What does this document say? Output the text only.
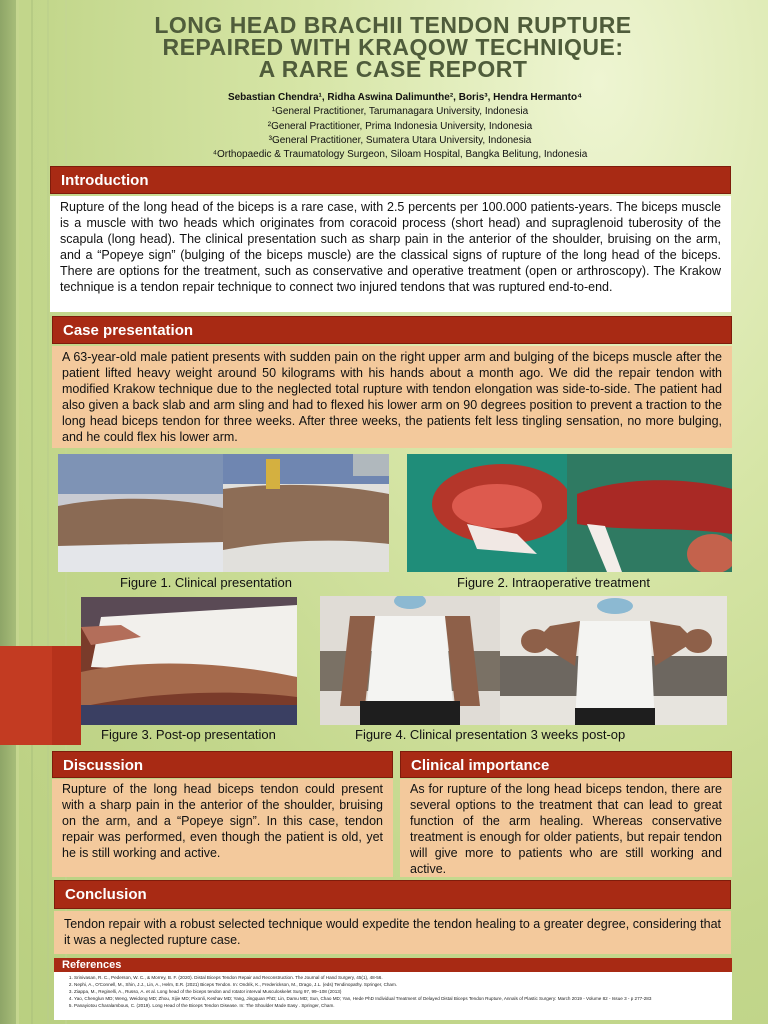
LONG HEAD BRACHII TENDON RUPTURE
REPAIRED WITH KRAQOW TECHNIQUE:
A RARE CASE REPORT
Sebastian Chendra¹, Ridha Aswina Dalimunthe², Boris³, Hendra Hermanto⁴
¹General Practitioner, Tarumanagara University, Indonesia
²General Practitioner, Prima Indonesia University, Indonesia
³General Practitioner, Sumatera Utara University, Indonesia
⁴Orthopaedic & Traumatology Surgeon, Siloam Hospital, Bangka Belitung, Indonesia
Introduction
Rupture of the long head of the biceps is a rare case, with 2.5 percents per 100.000 patients-years. The biceps muscle is a muscle with two heads which originates from coracoid process (short head) and supraglenoid tuberosity of the scapula (long head). The clinical presentation such as sharp pain in the anterior of the shoulder, bruising on the arm, and a “Popeye sign” (bulging of the biceps muscle) are the classical signs of rupture of the long head of the biceps. There are options for the treatment, such as conservative and operative treatment (open or arthroscopy). The Krakow technique is a tendon repair technique to connect two injured tendons that was ruptured end-to-end.
Case presentation
A 63-year-old male patient presents with sudden pain on the right upper arm and bulging of the biceps muscle after the patient lifted heavy weight around 50 kilograms with his hands about a month ago. We did the repair tendon with modified Krakow technique due to the neglected total rupture with tendon elongation was side-to-side. The patient had also given a back slab and arm sling and had to flexed his lower arm on 90 degrees position to prevent a traction to the long head biceps tendon for three weeks. After three weeks, the patients felt less tingling sensation, no more bulging, and he could flex his lower arm.
Figure 1. Clinical presentation	Figure 2. Intraoperative treatment
Figure 3. Post-op presentation	Figure 4. Clinical presentation 3 weeks post-op
Discussion
Rupture of the long head biceps tendon could present with a sharp pain in the anterior of the shoulder, bruising on the arm, and a “Popeye sign”. In this case, tendon repair was performed, even though the patient is old, yet he is still working and active.
Clinical importance
As for rupture of the long head biceps tendon, there are several options to the treatment that can lead to great function of the arm healing. Whereas conservative treatment is enough for older patients, but repair tendon will give more to patients who are still working and active.
Conclusion
Tendon repair with a robust selected technique would expedite the tendon healing to a greater degree, considering that it was a neglected rupture case.
References
1. Srinivasan, R. C., Pederson, W. C., & Morrey, B. F. (2020). Distal Biceps Tendon Repair and Reconstruction. The Journal of Hand Surgery, 45(1), 48-56.
2. Nephi, A., O'Connell, M., Shin, J.J., Lin, A., Helm, E.R. (2021) Biceps Tendon. In: Ondrik, K., Frederickson, M., Drago, J.L. (eds) Tendinopathy. Springer, Cham.
3. Ziappa, M., Reginelli, A., Russo, A. et al. Long head of the biceps tendon and rotator interval Musculoskelet Surg 97, 99–108 (2013)
4. Yao, Chenglun MD; Weng, Weidong MD; Zhou, Xijie MD; Pixonli, Keshav MD; Yang, Jingquan PhD; Lin, Damu MD; Sun, Chao MD; Yan, Hede PhD Individual Treatment of Delayed Distal Biceps Tendon Rupture, Annals of Plastic Surgery: March 2019 - Volume 82 - Issue 3 - p 277-283
5. Panayiotou Charalambous, C. (2019). Long Head of the Biceps Tendon Disease. In: The Shoulder Made Easy . Springer, Cham.
